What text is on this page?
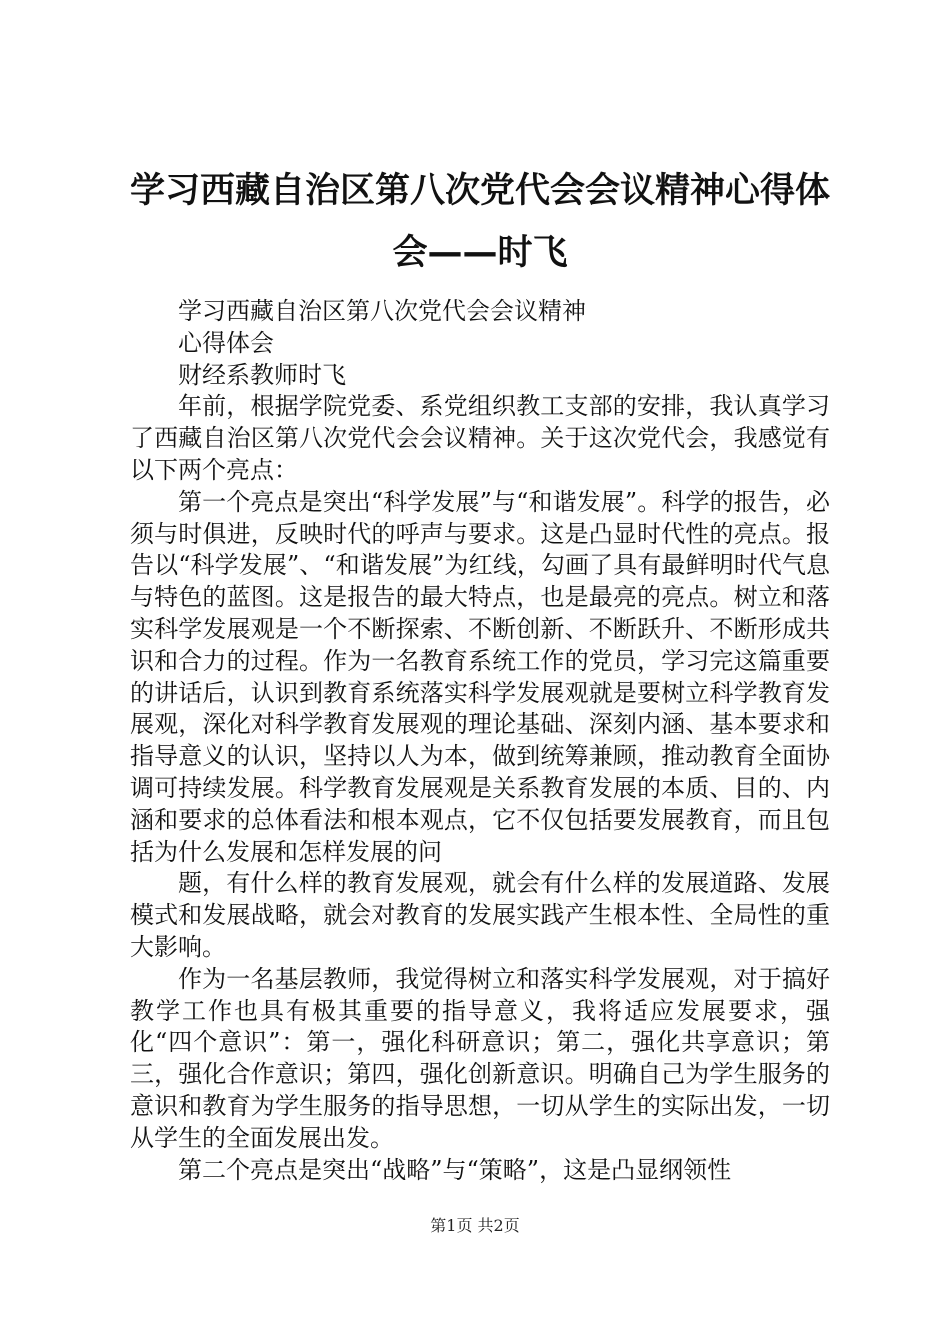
学习西藏自治区第八次党代会会议精神心得体
会——时飞

学习西藏自治区第八次党代会会议精神

心得体会

财经系教师时飞

年前，根据学院党委、系党组织教工支部的安排，我认真学习了西藏自治区第八次党代会会议精神。关于这次党代会，我感觉有以下两个亮点：

第一个亮点是突出“科学发展”与“和谐发展”。科学的报告，必须与时俱进，反映时代的呼声与要求。这是凸显时代性的亮点。报告以“科学发展”、“和谐发展”为红线，勾画了具有最鲜明时代气息与特色的蓝图。这是报告的最大特点，也是最亮的亮点。树立和落实科学发展观是一个不断探索、不断创新、不断跃升、不断形成共识和合力的过程。作为一名教育系统工作的党员，学习完这篇重要的讲话后，认识到教育系统落实科学发展观就是要树立科学教育发展观，深化对科学教育发展观的理论基础、深刻内涵、基本要求和指导意义的认识，坚持以人为本，做到统筹兼顾，推动教育全面协调可持续发展。科学教育发展观是关系教育发展的本质、目的、内涵和要求的总体看法和根本观点，它不仅包括要发展教育，而且包括为什么发展和怎样发展的问

题，有什么样的教育发展观，就会有什么样的发展道路、发展模式和发展战略，就会对教育的发展实践产生根本性、全局性的重大影响。

作为一名基层教师，我觉得树立和落实科学发展观，对于搞好教学工作也具有极其重要的指导意义，我将适应发展要求，强化“四个意识”：第一，强化科研意识；第二，强化共享意识；第三，强化合作意识；第四，强化创新意识。明确自己为学生服务的意识和教育为学生服务的指导思想，一切从学生的实际出发，一切从学生的全面发展出发。

第二个亮点是突出“战略”与“策略”，这是凸显纲领性

第1页 共2页
